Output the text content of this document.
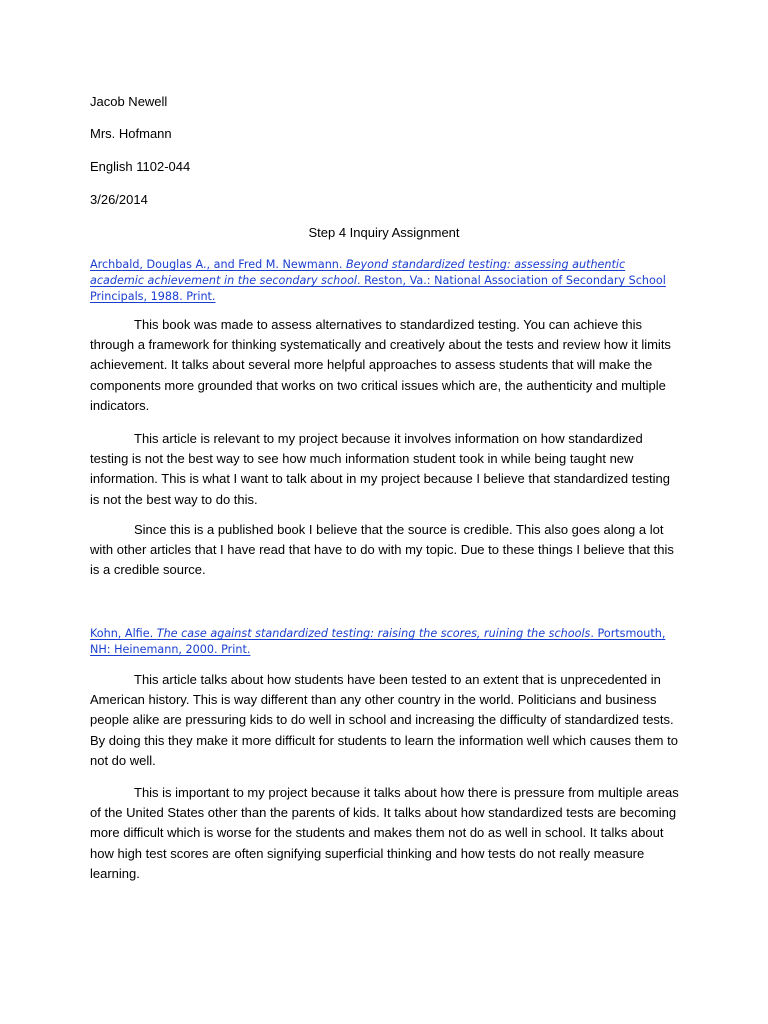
Jacob Newell
Mrs. Hofmann
English 1102-044
3/26/2014
Step 4 Inquiry Assignment
Archbald, Douglas A., and Fred M. Newmann. Beyond standardized testing: assessing authentic academic achievement in the secondary school. Reston, Va.: National Association of Secondary School Principals, 1988. Print.

This book was made to assess alternatives to standardized testing. You can achieve this through a framework for thinking systematically and creatively about the tests and review how it limits achievement. It talks about several more helpful approaches to assess students that will make the components more grounded that works on two critical issues which are, the authenticity and multiple indicators.

This article is relevant to my project because it involves information on how standardized testing is not the best way to see how much information student took in while being taught new information. This is what I want to talk about in my project because I believe that standardized testing is not the best way to do this.

Since this is a published book I believe that the source is credible. This also goes along a lot with other articles that I have read that have to do with my topic. Due to these things I believe that this is a credible source.

Kohn, Alfie. The case against standardized testing: raising the scores, ruining the schools. Portsmouth, NH: Heinemann, 2000. Print.

This article talks about how students have been tested to an extent that is unprecedented in American history. This is way different than any other country in the world. Politicians and business people alike are pressuring kids to do well in school and increasing the difficulty of standardized tests. By doing this they make it more difficult for students to learn the information well which causes them to not do well.

This is important to my project because it talks about how there is pressure from multiple areas of the United States other than the parents of kids. It talks about how standardized tests are becoming more difficult which is worse for the students and makes them not do as well in school. It talks about how high test scores are often signifying superficial thinking and how tests do not really measure learning.
